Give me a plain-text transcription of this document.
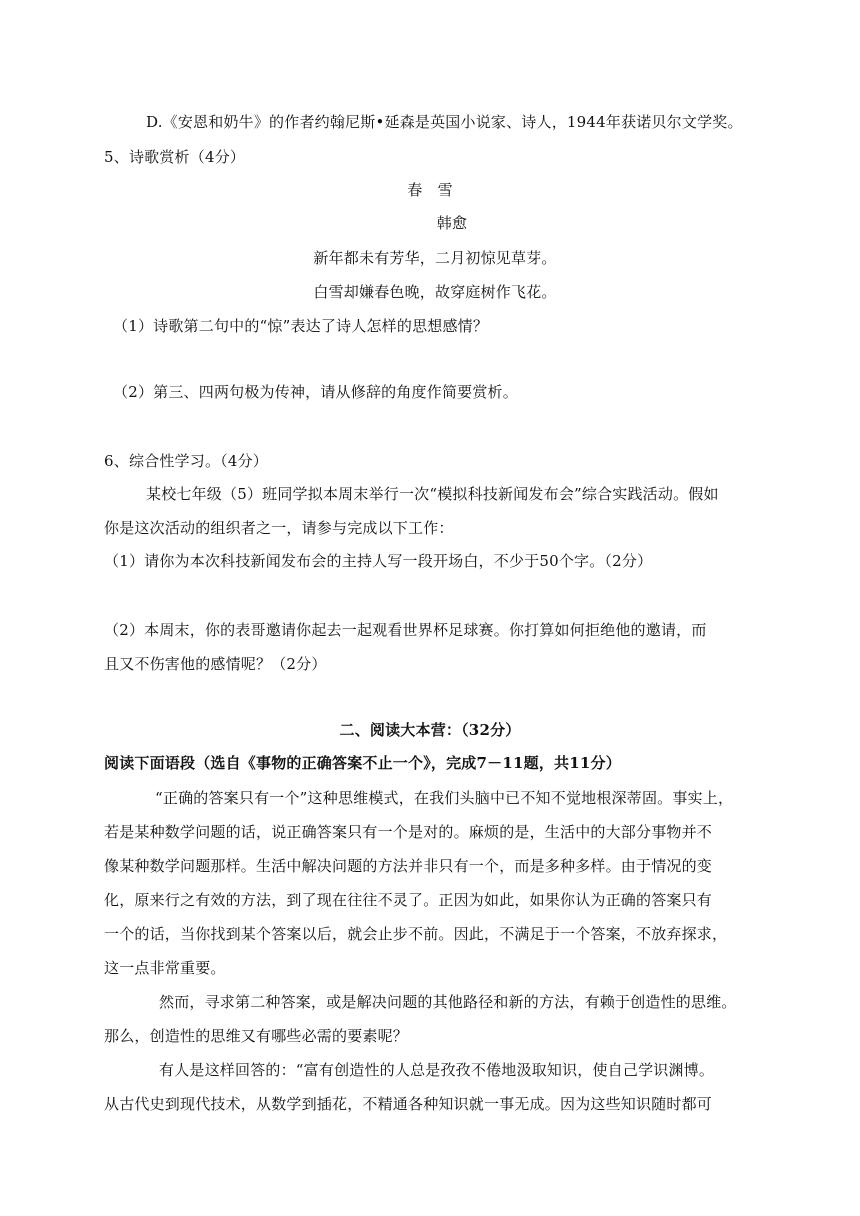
D.《安恩和奶牛》的作者约翰尼斯•延森是英国小说家、诗人，1944年获诺贝尔文学奖。
5、诗歌赏析（4分）
春　雪
韩愈
新年都未有芳华，二月初惊见草芽。
白雪却嫌春色晚，故穿庭树作飞花。
（1）诗歌第二句中的“惊”表达了诗人怎样的思想感情？
（2）第三、四两句极为传神，请从修辞的角度作简要赏析。
6、综合性学习。（4分）
某校七年级（5）班同学拟本周末举行一次“模拟科技新闻发布会”综合实践活动。假如
你是这次活动的组织者之一，请参与完成以下工作：
（1）请你为本次科技新闻发布会的主持人写一段开场白，不少于50个字。（2分）
（2）本周末，你的表哥邀请你起去一起观看世界杯足球赛。你打算如何拒绝他的邀请，而
且又不伤害他的感情呢？（2分）
二、阅读大本营：（32分）
阅读下面语段（选自《事物的正确答案不止一个》，完成7－11题，共11分）
“正确的答案只有一个”这种思维模式，在我们头脑中已不知不觉地根深蒂固。事实上，
若是某种数学问题的话，说正确答案只有一个是对的。麻烦的是，生活中的大部分事物并不
像某种数学问题那样。生活中解决问题的方法并非只有一个，而是多种多样。由于情况的变
化，原来行之有效的方法，到了现在往往不灵了。正因为如此，如果你认为正确的答案只有
一个的话，当你找到某个答案以后，就会止步不前。因此，不满足于一个答案，不放弃探求，
这一点非常重要。
然而，寻求第二种答案，或是解决问题的其他路径和新的方法，有赖于创造性的思维。
那么，创造性的思维又有哪些必需的要素呢？
有人是这样回答的：“富有创造性的人总是孜孜不倦地汲取知识，使自己学识渊博。
从古代史到现代技术，从数学到插花，不精通各种知识就一事无成。因为这些知识随时都可
